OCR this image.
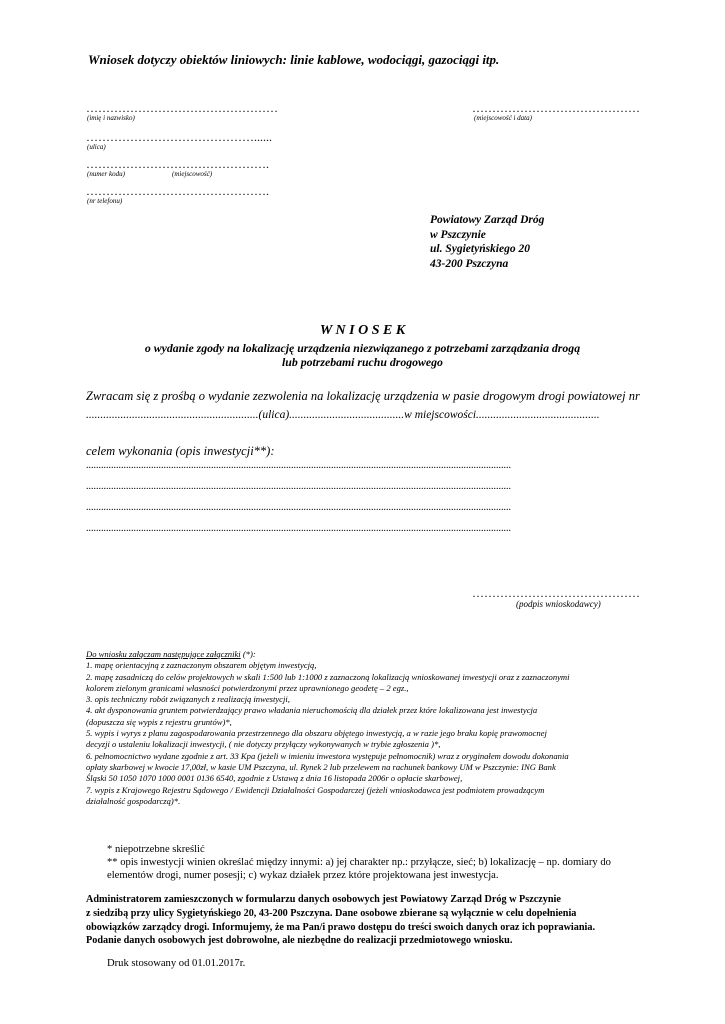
Wniosek dotyczy obiektów liniowych: linie kablowe, wodociągi, gazociągi itp.
…………………………………………
(imię i nazwisko)
……………………………………......
(ulica)
……………………………………….
(numer kodu)	(miejscowość)
……………………………………….
(nr telefonu)
……………………………………
(miejscowość i data)
Powiatowy Zarząd Dróg
w Pszczynie
ul. Sygietyńskiego 20
43-200 Pszczyna
W N I O S E K
o wydanie zgody na lokalizację urządzenia niezwiązanego z potrzebami zarządzania drogą
lub potrzebami ruchu drogowego
Zwracam się z prośbą o wydanie zezwolenia na lokalizację urządzenia w pasie drogowym drogi powiatowej nr
............................................................(ulica)........................................w miejscowości...........................................
celem wykonania (opis inwestycji**):
..........................................................................................................................................................................
..........................................................................................................................................................................
..........................................................................................................................................................................
..........................................................................................................................................................................
……………………………………
(podpis wnioskodawcy)
Do wniosku załączam następujące załączniki (*):
1. mapę orientacyjną z zaznaczonym obszarem objętym inwestycją,
2. mapę zasadniczą do celów projektowych w skali 1:500 lub 1:1000 z zaznaczoną lokalizacją wnioskowanej inwestycji oraz z zaznaczonymi
kolorem zielonym granicami własności potwierdzonymi przez uprawnionego geodetę – 2 egz.,
3. opis techniczny robót związanych z realizacją inwestycji,
4. akt dysponowania gruntem potwierdzający prawo władania nieruchomością dla działek przez które lokalizowana jest inwestycja
(dopuszcza się wypis z rejestru gruntów)*,
5. wypis i wyrys z planu zagospodarowania przestrzennego dla obszaru objętego inwestycją, a w razie jego braku kopię prawomocnej
decyzji o ustaleniu lokalizacji inwestycji, ( nie dotyczy przyłączy wykonywanych w trybie zgłoszenia )*,
6. pełnomocnictwo wydane zgodnie z art. 33 Kpa (jeżeli w imieniu inwestora występuje pełnomocnik) wraz z oryginałem dowodu dokonania
opłaty skarbowej w kwocie 17,00zł, w kasie UM Pszczyna, ul. Rynek 2 lub przelewem na rachunek bankowy UM w Pszczynie: ING Bank
Śląski 50 1050 1070 1000 0001 0136 6540, zgodnie z Ustawą z dnia 16 listopada 2006r o opłacie skarbowej,
7. wypis z Krajowego Rejestru Sądowego / Ewidencji Działalności Gospodarczej (jeżeli wnioskodawca jest podmiotem prowadzącym
działalność gospodarczą)*.
* niepotrzebne skreślić
** opis inwestycji winien określać między innymi: a) jej charakter np.: przyłącze, sieć; b) lokalizację – np. domiary do
elementów drogi, numer posesji; c) wykaz działek przez które projektowana jest inwestycja.
Administratorem zamieszczonych w formularzu danych osobowych jest Powiatowy Zarząd Dróg w Pszczynie
z siedzibą przy ulicy Sygietyńskiego 20, 43-200 Pszczyna. Dane osobowe zbierane są wyłącznie w celu dopełnienia
obowiązków zarządcy drogi. Informujemy, że ma Pan/i prawo dostępu do treści swoich danych oraz ich poprawiania.
Podanie danych osobowych jest dobrowolne, ale niezbędne do realizacji przedmiotowego wniosku.
Druk stosowany od 01.01.2017r.
